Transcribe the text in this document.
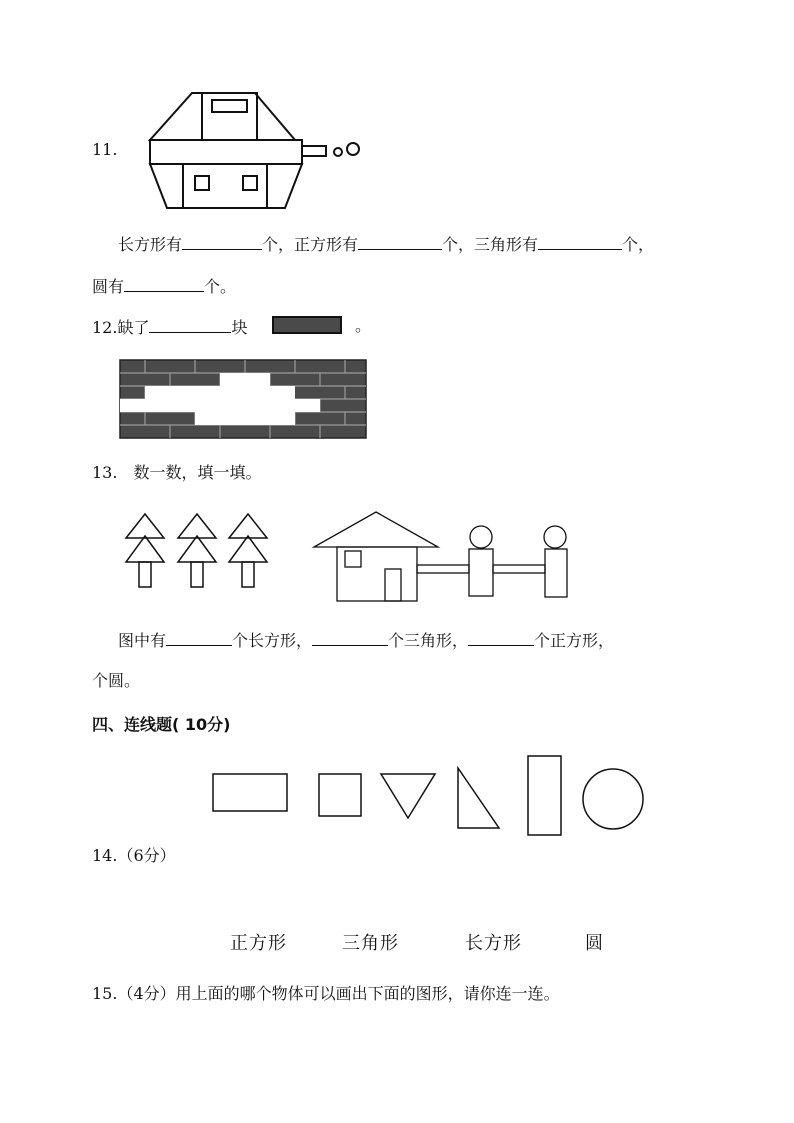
11.
长方形有	个，正方形有	个，三角形有	个，
圆有	个。
12.缺了	块	。
13.　数一数，填一填。
图中有	个长方形，	个三角形，	个正方形，
个圆。
四、连线题( 10分)
14.（6分）
正方形	三角形	长方形	圆
15.（4分）用上面的哪个物体可以画出下面的图形，请你连一连。
